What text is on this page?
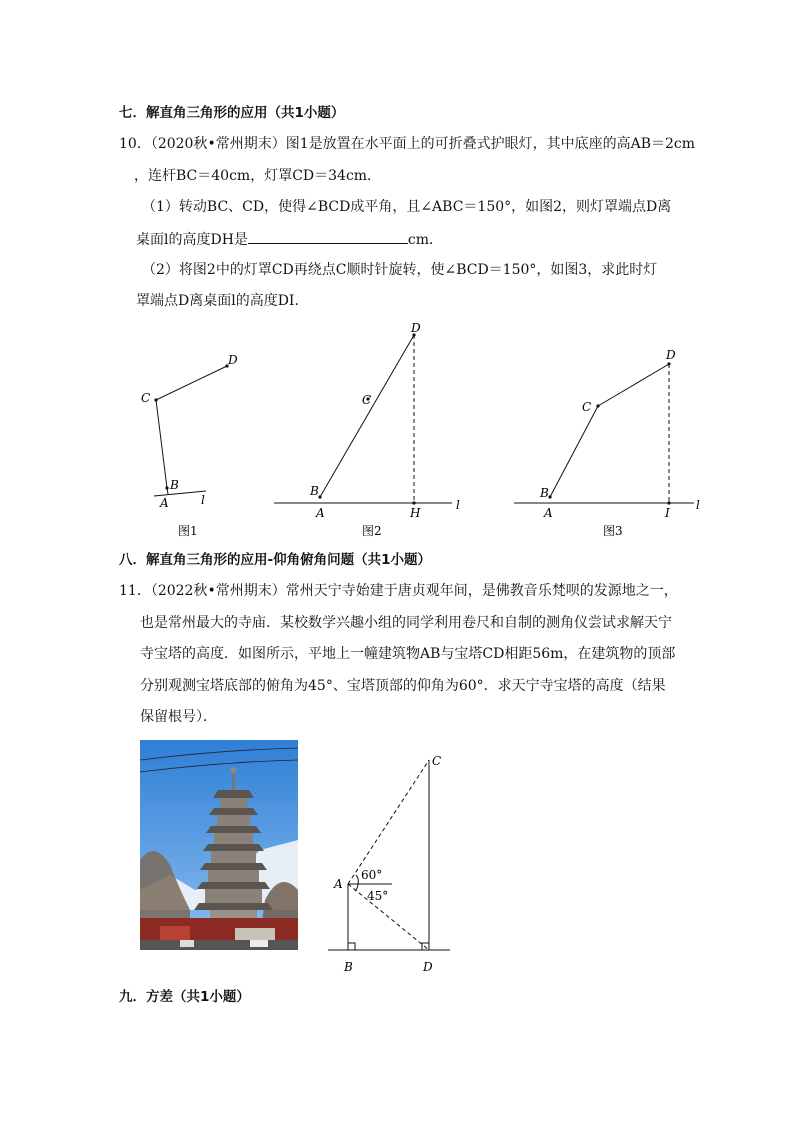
七．解直角三角形的应用（共1小题）
10．（2020秋•常州期末）图1是放置在水平面上的可折叠式护眼灯，其中底座的高AB＝2cm
，连杆BC＝40cm，灯罩CD＝34cm．
（1）转动BC、CD，使得∠BCD成平角，且∠ABC＝150°，如图2，则灯罩端点D离
桌面l的高度DH是	cm．
（2）将图2中的灯罩CD再绕点C顺时针旋转，使∠BCD＝150°，如图3，求此时灯
罩端点D离桌面l的高度DI．
B
A
C
D
l
图1
B
A
C
D
H
l
图2
B
A
C
D
I
l
图3
八．解直角三角形的应用-仰角俯角问题（共1小题）
11．（2022秋•常州期末）常州天宁寺始建于唐贞观年间，是佛教音乐梵呗的发源地之一，
也是常州最大的寺庙．某校数学兴趣小组的同学利用卷尺和自制的测角仪尝试求解天宁
寺宝塔的高度．如图所示，平地上一幢建筑物AB与宝塔CD相距56m，在建筑物的顶部
分别观测宝塔底部的俯角为45°、宝塔顶部的仰角为60°．求天宁寺宝塔的高度（结果
保留根号）．
60°
45°
C
A
B	D
九．方差（共1小题）
